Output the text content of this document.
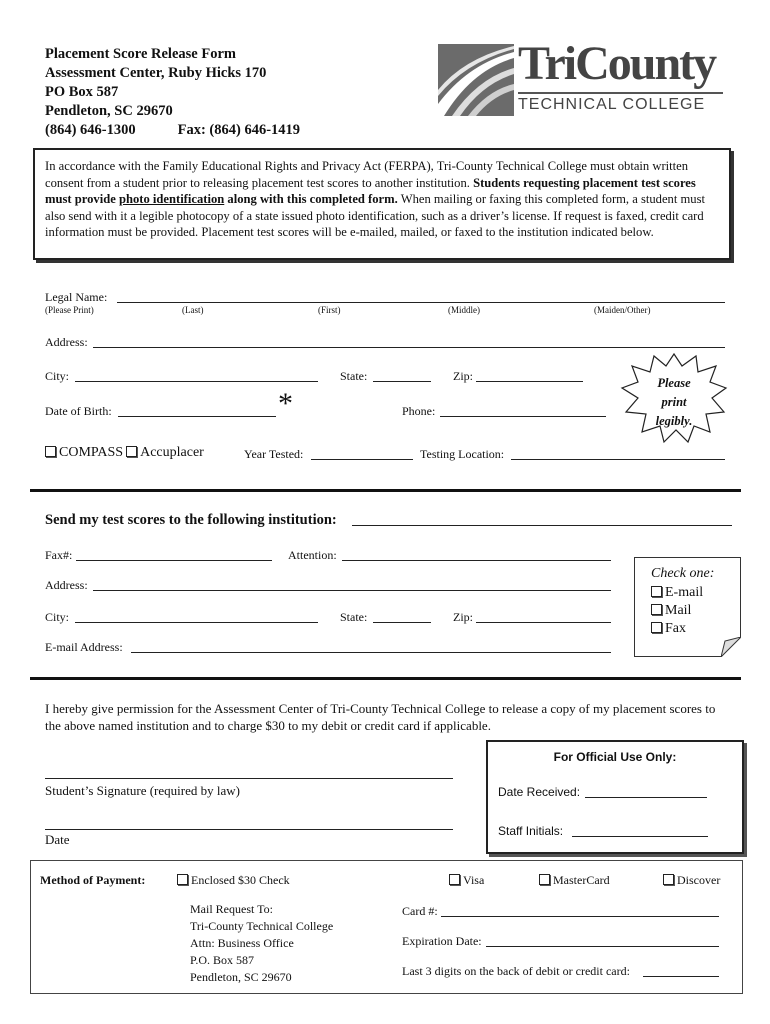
Placement Score Release Form
Assessment Center, Ruby Hicks 170
PO Box 587
Pendleton, SC 29670
(864) 646-1300	Fax: (864) 646-1419
TriCounty
TECHNICAL COLLEGE
In accordance with the Family Educational Rights and Privacy Act (FERPA), Tri-County Technical College must obtain written consent from a student prior to releasing placement test scores to another institution. Students requesting placement test scores must provide photo identification along with this completed form. When mailing or faxing this completed form, a student must also send with it a legible photocopy of a state issued photo identification, such as a driver’s license. If request is faxed, credit card information must be provided. Placement test scores will be e-mailed, mailed, or faxed to the institution indicated below.
Legal Name:
(Please Print)	(Last)	(First)	(Middle)	(Maiden/Other)
Address:
City:	State:	Zip:
Date of Birth:	*	Phone:
Please
print
legibly.
COMPASS Accuplacer	Year Tested:	Testing Location:
Send my test scores to the following institution:
Fax#:	Attention:
Address:
City:	State:	Zip:
E-mail Address:
Check one:
E-mail
Mail
Fax
I hereby give permission for the Assessment Center of Tri-County Technical College to release a copy of my placement scores to the above named institution and to charge $30 to my debit or credit card if applicable.
Student’s Signature (required by law)
Date
For Official Use Only:
Date Received:
Staff Initials:
Method of Payment:	Enclosed $30 Check	Visa	MasterCard	Discover
Mail Request To:
Tri-County Technical College
Attn: Business Office
P.O. Box 587
Pendleton, SC 29670
Card #:
Expiration Date:
Last 3 digits on the back of debit or credit card:
